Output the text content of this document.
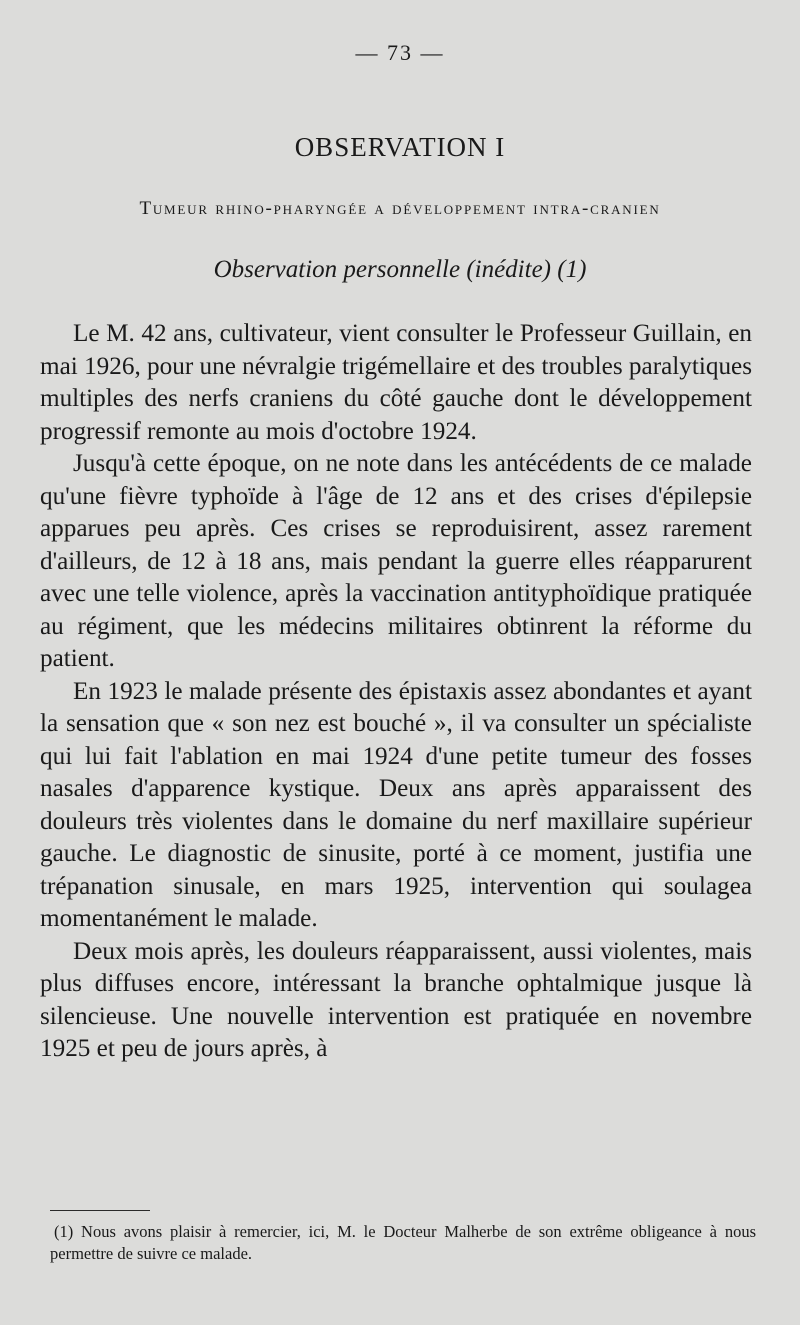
— 73 —
OBSERVATION I
Tumeur rhino-pharyngée a développement intra-cranien
Observation personnelle (inédite) (1)

Le M. 42 ans, cultivateur, vient consulter le Professeur Guillain, en mai 1926, pour une névralgie trigémellaire et des troubles paralytiques multiples des nerfs craniens du côté gauche dont le développement progressif remonte au mois d'octobre 1924.

Jusqu'à cette époque, on ne note dans les antécédents de ce malade qu'une fièvre typhoïde à l'âge de 12 ans et des crises d'épilepsie apparues peu après. Ces crises se reproduisirent, assez rarement d'ailleurs, de 12 à 18 ans, mais pendant la guerre elles réapparurent avec une telle violence, après la vaccination antityphoïdique pratiquée au régiment, que les médecins militaires obtinrent la réforme du patient.

En 1923 le malade présente des épistaxis assez abondantes et ayant la sensation que « son nez est bouché », il va consulter un spécialiste qui lui fait l'ablation en mai 1924 d'une petite tumeur des fosses nasales d'apparence kystique. Deux ans après apparaissent des douleurs très violentes dans le domaine du nerf maxillaire supérieur gauche. Le diagnostic de sinusite, porté à ce moment, justifia une trépanation sinusale, en mars 1925, intervention qui soulagea momentanément le malade.

Deux mois après, les douleurs réapparaissent, aussi violentes, mais plus diffuses encore, intéressant la branche ophtalmique jusque là silencieuse. Une nouvelle intervention est pratiquée en novembre 1925 et peu de jours après, à

(1) Nous avons plaisir à remercier, ici, M. le Docteur Malherbe de son extrême obligeance à nous permettre de suivre ce malade.
